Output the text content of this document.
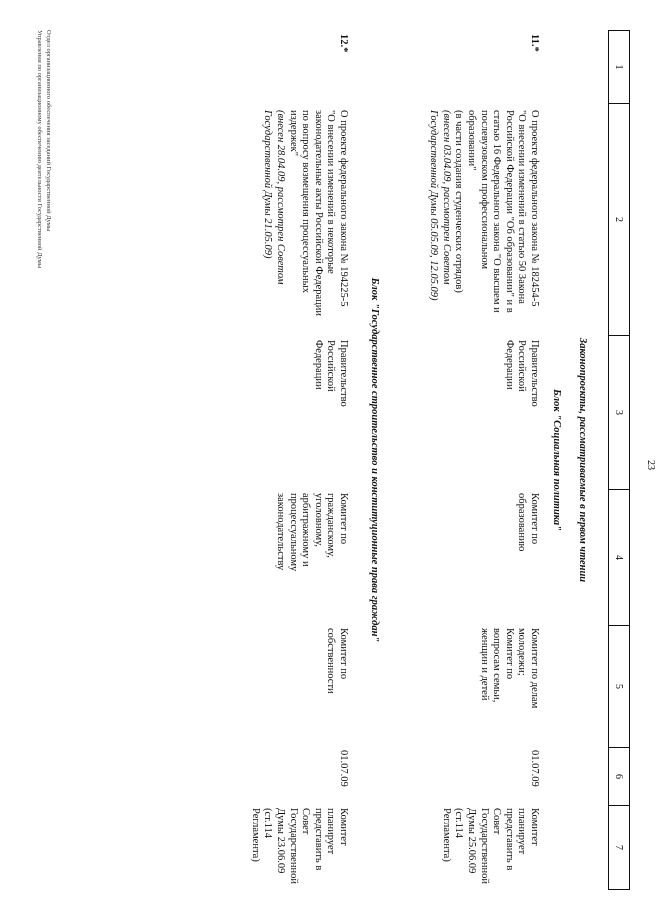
1
2
3
4
5
6
7
Законопроекты, рассматриваемые в первом чтении
Блок "Социальная политика"
11.*
О проекте федерального закона № 182454-5
"О внесении изменений в статью 50 Закона
Российской Федерации "Об образовании" и в
статью 16 Федерального закона "О высшем и
послевузовском профессиональном
образовании"
(в части создания студенческих отрядов)
(внесен 03.04.09, рассмотрен Советом
Государственной Думы 05.05.09, 12.05.09)
Правительство
Российской
Федерации
Комитет по
образованию
Комитет по делам
молодежи;
Комитет по
вопросам семьи,
женщин и детей
01.07.09
Комитет планирует
представить в Совет
Государственной
Думы 25.06.09
(ст.114 Регламента)
Блок "Государственное строительство и конституционные права граждан"
12.*
О проекте федерального закона № 194225-5
"О внесении изменений в некоторые
законодательные акты Российской Федерации
по вопросу возмещения процессуальных
издержек"
(внесен 28.04.09, рассмотрен Советом
Государственной Думы 21.05.09)
Правительство
Российской
Федерации
Комитет по
гражданскому,
уголовному,
арбитражному и
процессуальному
законодательству
Комитет по
собственности
01.07.09
Комитет планирует
представить в Совет
Государственной
Думы 23.06.09
(ст.114 Регламента)
23
Отдел организационного обеспечения заседаний Государственной Думы
Управления по организационному обеспечению деятельности Государственной Думы
